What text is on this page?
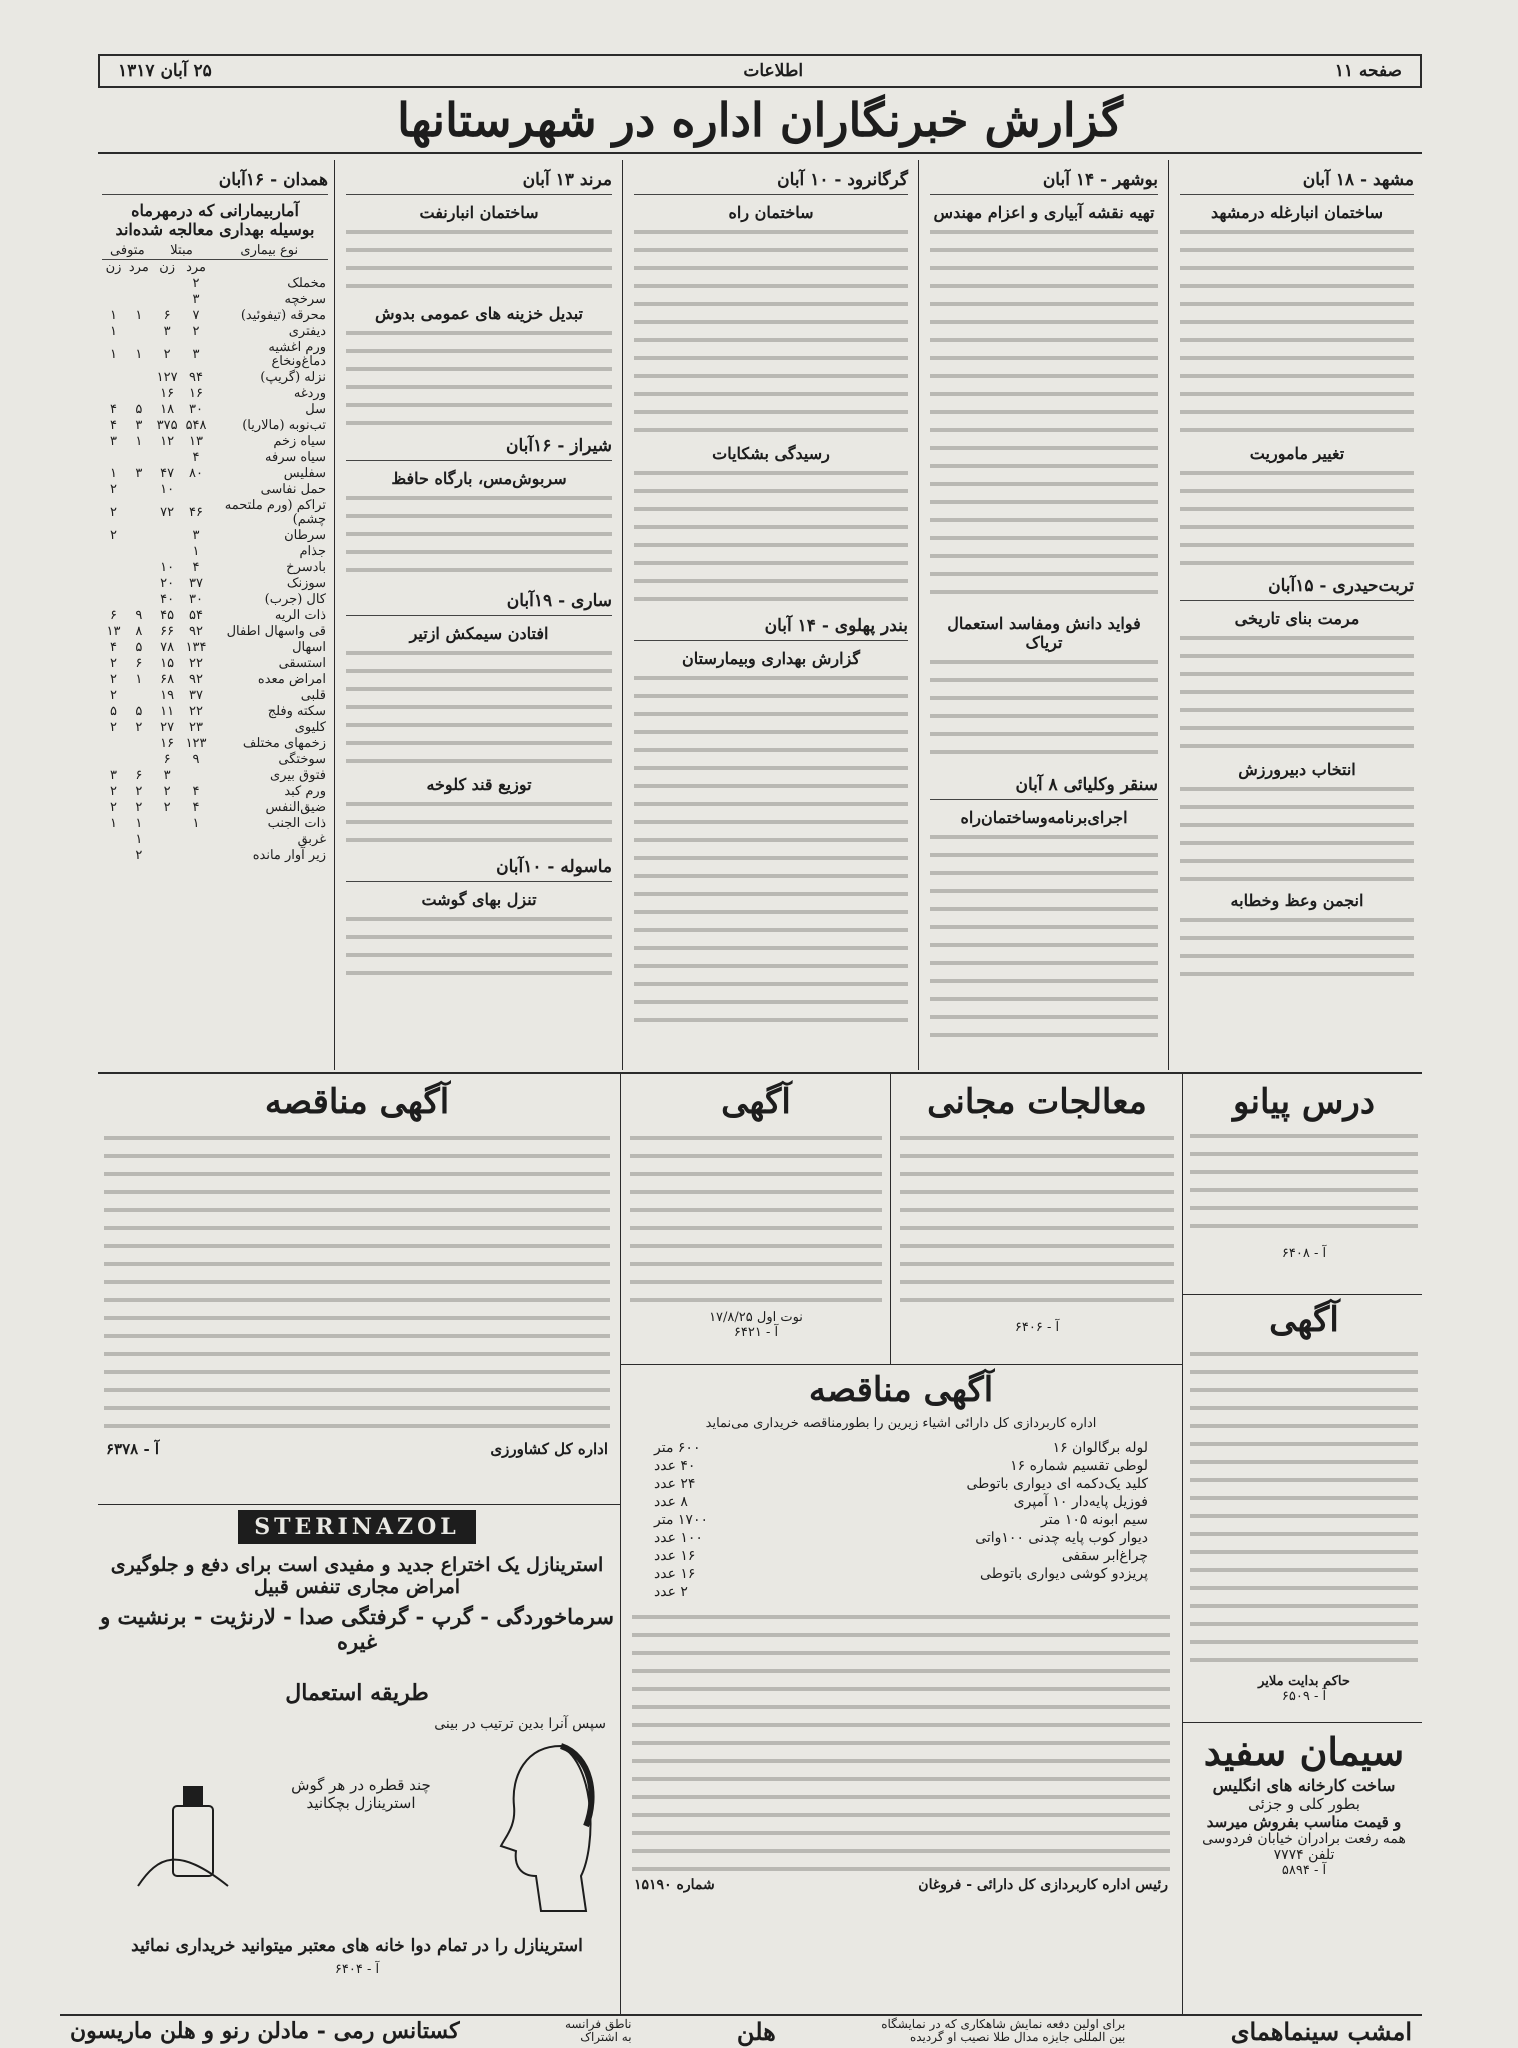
صفحه ۱۱
اطلاعات
۲۵ آبان ۱۳۱۷
گزارش خبرنگاران اداره در شهرستانها
مشهد - ۱۸ آبان
ساختمان انبارغله درمشهد
تغییر ماموریت
تربت‌حیدری - ۱۵آبان
مرمت بنای تاریخی
انتخاب دبیرورزش
انجمن وعظ وخطابه
بوشهر - ۱۴ آبان
تهیه نقشه آبیاری و اعزام مهندس
فواید دانش ومفاسد استعمال تریاک
سنقر وکلیائی ۸ آبان
اجرای‌برنامه‌وساختمان‌راه
گرگانرود - ۱۰ آبان
ساختمان راه
رسیدگی بشکایات
بندر پهلوی - ۱۴ آبان
گزارش بهداری وبیمارستان
مرند ۱۳ آبان
ساختمان انبارنفت
تبدیل خزینه های عمومی بدوش
شیراز - ۱۶آبان
سربوش‌مس، بارگاه حافظ
ساری - ۱۹آبان
افتادن سیمکش ازتیر
توزیع قند کلوخه
ماسوله - ۱۰آبان
تنزل بهای گوشت
همدان - ۱۶آبان
آماربیمارانی که درمهرماه
بوسیله بهداری معالجه شده‌اند
نوع بیماری	مبتلا		متوفی	
	مرد	زن	مرد	زن
مخملک	۲			
سرخچه	۳			
محرقه (تیفوئید)	۷	۶	۱	۱
دیفتری	۲	۳		۱
ورم اغشیه دماغ‌ونخاع	۳	۲	۱	۱
نزله (گریپ)	۹۴	۱۲۷		
وردغه	۱۶	۱۶		
سل	۳۰	۱۸	۵	۴
تب‌نوبه (مالاریا)	۵۴۸	۳۷۵	۳	۴
سیاه زخم	۱۳	۱۲	۱	۳
سیاه سرفه	۴			
سفلیس	۸۰	۴۷	۳	۱
حمل نفاسی		۱۰		۲
تراکم (ورم ملتحمه چشم)	۴۶	۷۲		۲
سرطان	۳			۲
جذام	۱			
بادسرخ	۴	۱۰		
سوزنک	۳۷	۲۰		
کال (جرب)	۳۰	۴۰		
ذات الریه	۵۴	۴۵	۹	۶
قی واسهال اطفال	۹۲	۶۶	۸	۱۳
اسهال	۱۳۴	۷۸	۵	۴
استسقی	۲۲	۱۵	۶	۲
امراض معده	۹۲	۶۸	۱	۲
قلبی	۳۷	۱۹		۲
سکته وفلج	۲۲	۱۱	۵	۵
کلیوی	۲۳	۲۷	۲	۲
زخمهای مختلف	۱۲۳	۱۶		
سوختگی	۹	۶		
فتوق بیری		۳	۶	۳
ورم کبد	۴	۲	۲	۲
ضیق‌النفس	۴	۲	۲	۲
ذات الجنب	۱		۱	۱
غربق			۱	
زیر آوار مانده			۲	
درس پیانو
آ - ۶۴۰۸
معالجات مجانی
آ - ۶۴۰۶
آگهی
نوت اول ۱۷/۸/۲۵
آ - ۶۴۲۱
آگهی مناقصه
اداره کل کشاورزی
آ - ۶۳۷۸
آگهی
حاکم بدایت ملایر
آ - ۶۵۰۹
آگهی مناقصه
اداره کاربردازی کل دارائی اشیاء زیرین را بطورمناقصه خریداری می‌نماید
لوله برگالوان ۱۶
۶۰۰ متر
لوطی تقسیم شماره ۱۶
۴۰ عدد
کلید یک‌دکمه ای دیواری باتوطی
۲۴ عدد
فوزیل پایه‌دار ۱۰ آمپری
۸ عدد
سیم ابونه ۱۰۵ متر
۱۷۰۰ متر
دیوار کوب پایه چدنی ۱۰۰واتی
۱۰۰ عدد
چراغ‌ابر سقفی
۱۶ عدد
پریزدو کوشی دیواری باتوطی
۱۶ عدد
۲ عدد
رئیس اداره کاربردازی کل دارائی - فروغان
شماره ۱۵۱۹۰
STERINAZOL
استرینازل یک اختراع جدید و مفیدی است برای دفع و جلوگیری امراض مجاری تنفس قبیل
سرماخوردگی - گرپ - گرفتگی صدا - لارنژیت - برنشیت و غیره
طریقه استعمال
چند قطره در هر گوش
استرینازل بچکانید
سپس آنرا بدین ترتیب در بینی
استرینازل را در تمام دوا خانه های معتبر میتوانید خریداری نمائید
آ - ۶۴۰۴
سیمان سفید
ساخت کارخانه های انگلیس
بطور کلی و جزئی
و قیمت مناسب بفروش میرسد
همه رفعت برادران خیابان فردوسی
تلفن ۷۷۷۴
آ - ۵۸۹۴
امشب سینماهمای
برای اولین دفعه نمایش شاهکاری که در نمایشگاه
بین المللی جایزه مدال طلا نصیب او گردیده
هلن
ناطق فرانسه
به اشتراک
کستانس رمی - مادلن رنو و هلن ماریسون
